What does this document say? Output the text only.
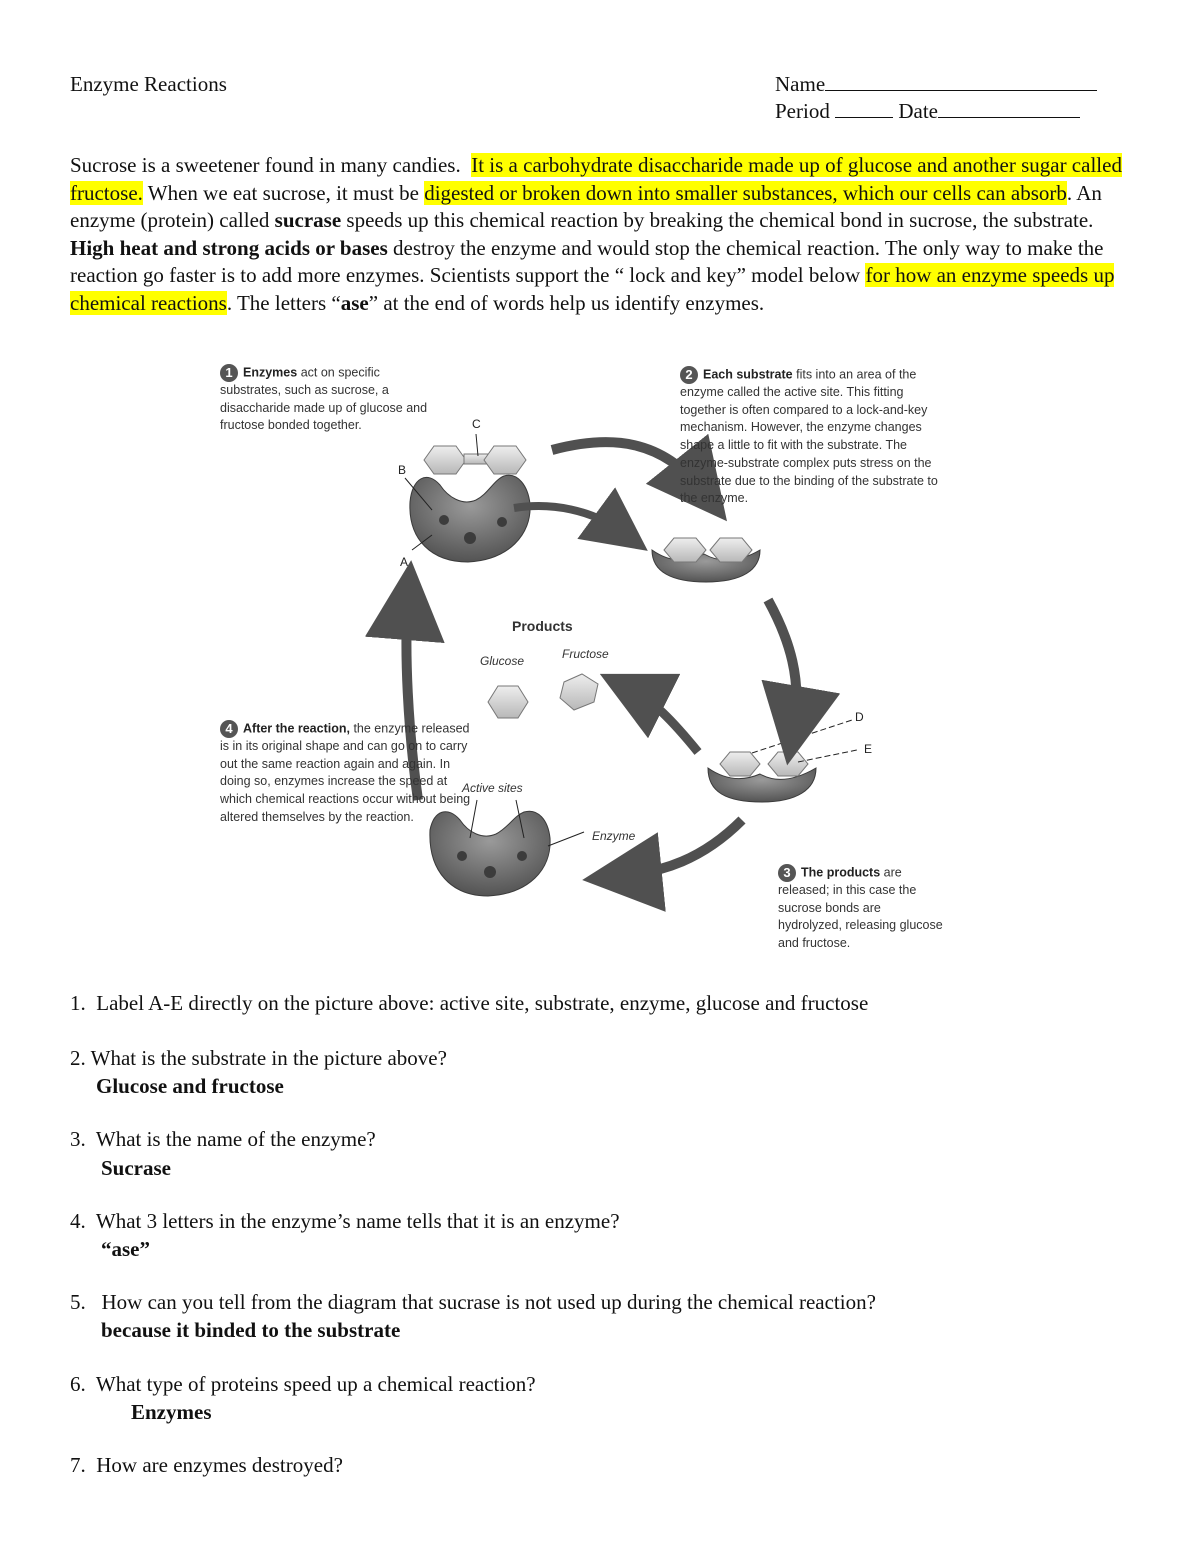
Enzyme Reactions	Name
Period	Date

Sucrose is a sweetener found in many candies. It is a carbohydrate disaccharide made up of glucose and another sugar called fructose. When we eat sucrose, it must be digested or broken down into smaller substances, which our cells can absorb. An enzyme (protein) called sucrase speeds up this chemical reaction by breaking the chemical bond in sucrose, the substrate.  High heat and strong acids or bases destroy the enzyme and would stop the chemical reaction. The only way to make the reaction go faster is to add more enzymes. Scientists support the “ lock and key” model below for how an enzyme speeds up chemical reactions. The letters “ase” at the end of words help us identify enzymes.

1 Enzymes act on specific substrates, such as sucrose, a disaccharide made up of glucose and fructose bonded together.
2 Each substrate fits into an area of the enzyme called the active site. This fitting together is often compared to a lock-and-key mechanism. However, the enzyme changes shape a little to fit with the substrate. The enzyme-substrate complex puts stress on the substrate due to the binding of the substrate to the enzyme.
3 The products are released; in this case the sucrose bonds are hydrolyzed, releasing glucose and fructose.
4 After the reaction, the enzyme released is in its original shape and can go on to carry out the same reaction again and again. In doing so, enzymes increase the speed at which chemical reactions occur without being altered themselves by the reaction.
Products
Glucose	Fructose
Active sites
Enzyme
B
C
A
D
E
1. Label A-E directly on the picture above: active site, substrate, enzyme, glucose and fructose
2. What is the substrate in the picture above?
Glucose and fructose
3. What is the name of the enzyme?
Sucrase
4. What 3 letters in the enzyme’s name tells that it is an enzyme?
“ase”
5. How can you tell from the diagram that sucrase is not used up during the chemical reaction?
because it binded to the substrate
6. What type of proteins speed up a chemical reaction?
Enzymes
7. How are enzymes destroyed?
